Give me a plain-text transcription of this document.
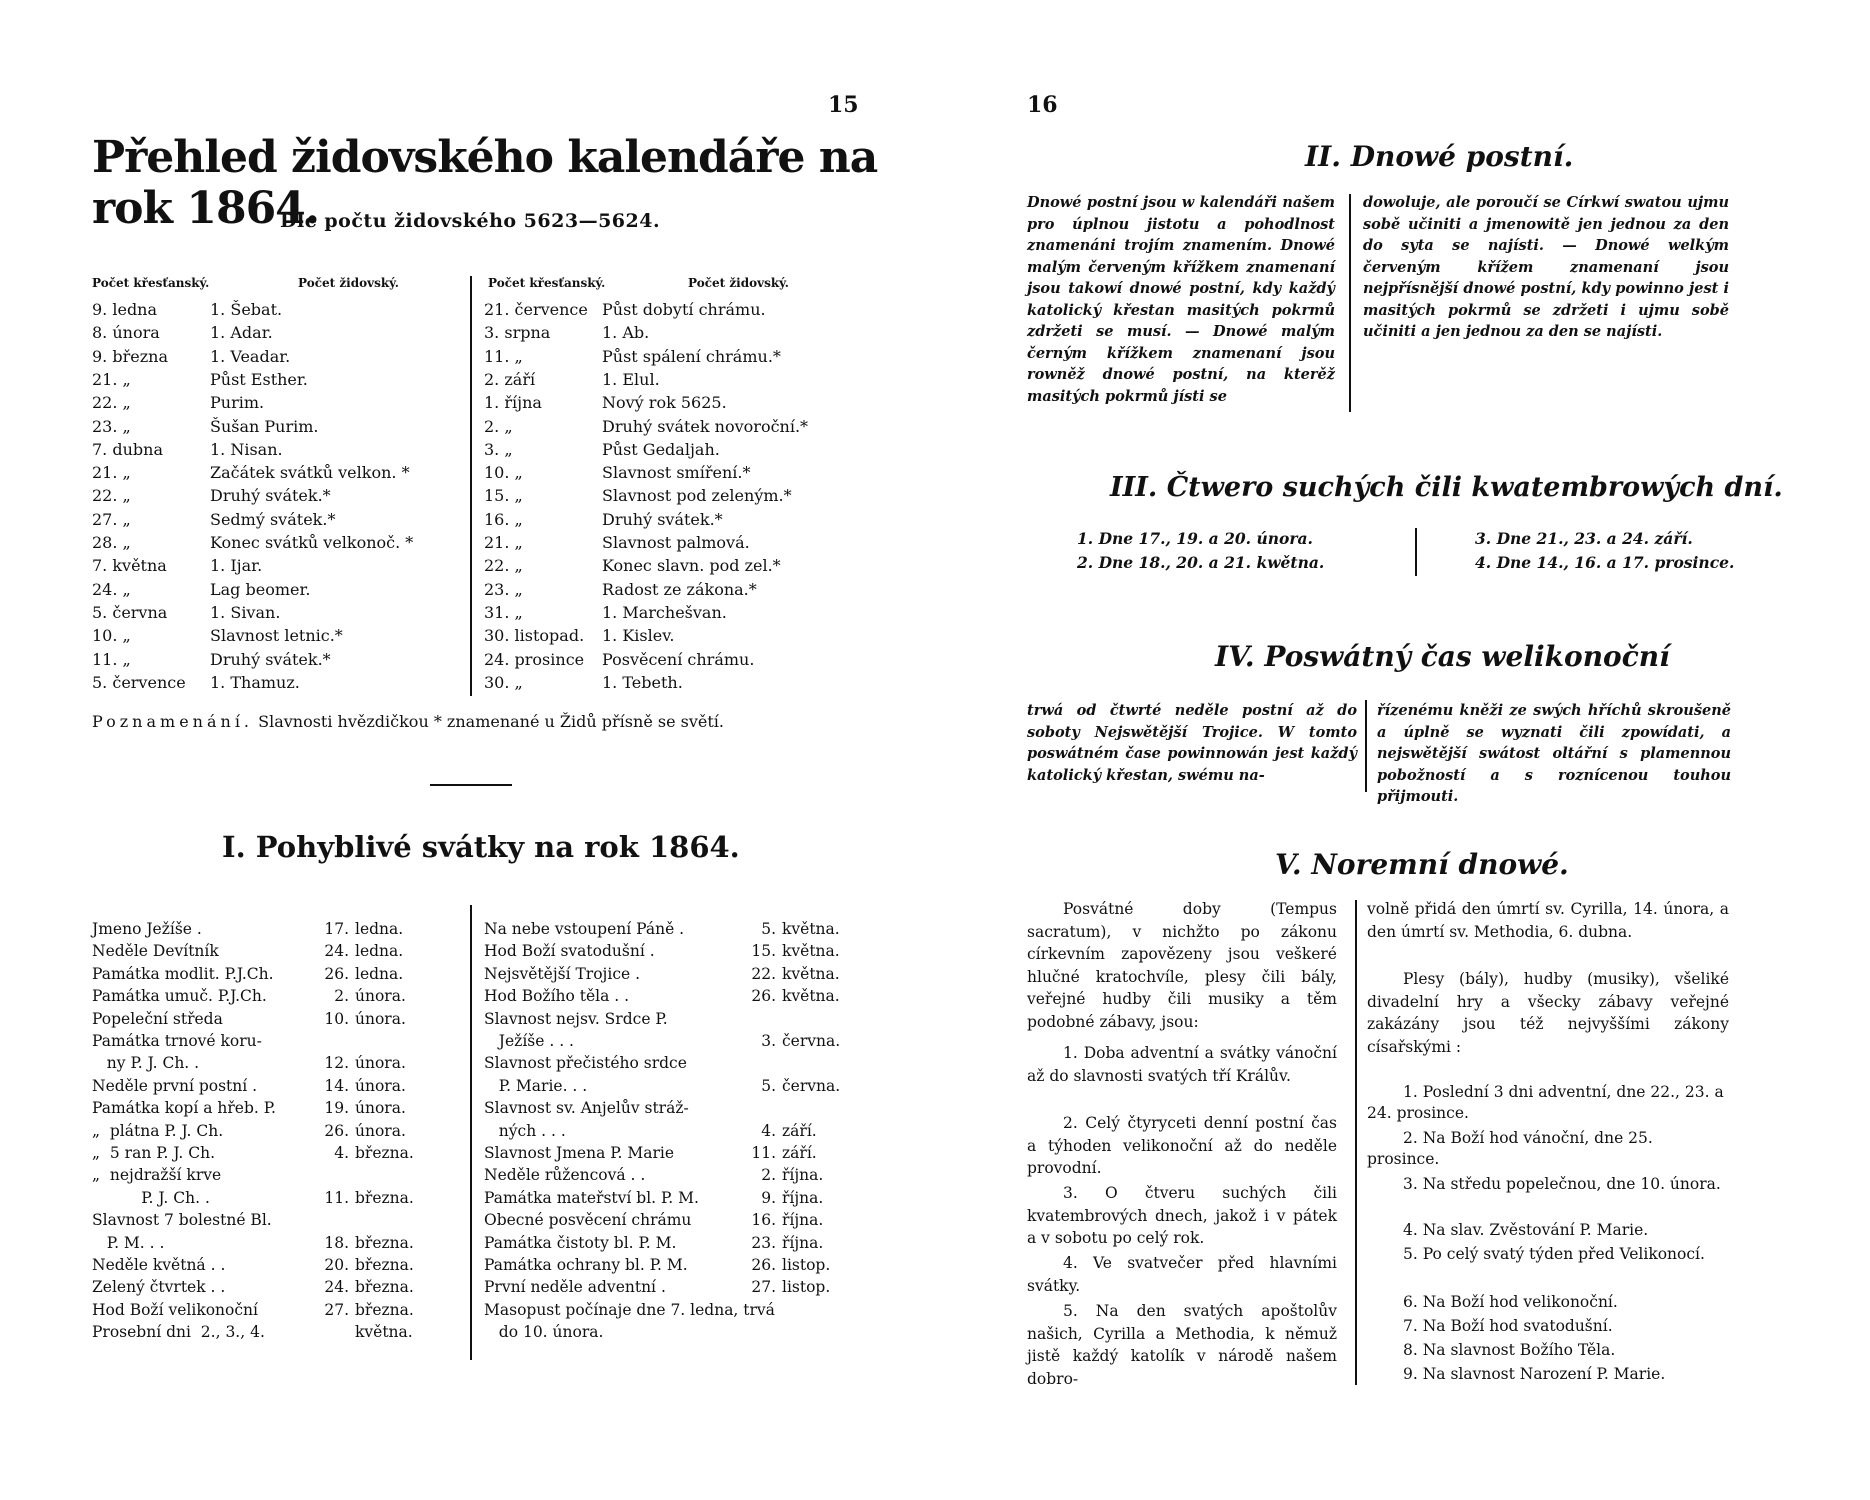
15
Přehled židovského kalendáře na rok 1864.
Dle počtu židovského 5623—5624.
Počet křesťanský.	Počet židovský.	Počet křesťanský.	Počet židovský.
9. ledna	1. Šebat.
8. února	1. Adar.
9. března	1. Veadar.
21. „	Půst Esther.
22. „	Purim.
23. „	Šušan Purim.
7. dubna	1. Nisan.
21. „	Začátek svátků velkon. *
22. „	Druhý svátek.*
27. „	Sedmý svátek.*
28. „	Konec svátků velkonoč. *
7. května	1. Ijar.
24. „	Lag beomer.
5. června	1. Sivan.
10. „	Slavnost letnic.*
11. „	Druhý svátek.*
5. července 1. Thamuz.
21. července Půst dobytí chrámu.
3. srpna	1. Ab.
11. „	Půst spálení chrámu.*
2. září	1. Elul.
1. října	Nový rok 5625.
2. „	Druhý svátek novoroční.*
3. „	Půst Gedaljah.
10. „	Slavnost smíření.*
15. „	Slavnost pod zeleným.*
16. „	Druhý svátek.*
21. „	Slavnost palmová.
22. „	Konec slavn. pod zel.*
23. „	Radost ze zákona.*
31. „	1. Marchešvan.
30. listopad. 1. Kislev.
24. prosince Posvěcení chrámu.
30. „	1. Tebeth.
Poznamenání. Slavnosti hvězdičkou * znamenané u Židů přísně se světí.
I. Pohyblivé svátky na rok 1864.
Jmeno Ježíše .	17. ledna.
Neděle Devítník	24. ledna.
Památka modlit. P.J.Ch.	26. ledna.
Památka umuč. P.J.Ch.	2. února.
Popeleční středa	10. února.
Památka trnové koru-
ny P. J. Ch. .	12. února.
Neděle první postní .	14. února.
Památka kopí a hřeb. P.	19. února.
„  plátna P. J. Ch.	26. února.
„  5 ran P. J. Ch.	4. března.
„  nejdražší krve
P. J. Ch. .	11. března.
Slavnost 7 bolestné Bl.
P. M. . .	18. března.
Neděle květná . .	20. března.
Zelený čtvrtek . .	24. března.
Hod Boží velikonoční	27. března.
Prosební dni  2., 3., 4.	května.
Na nebe vstoupení Páně .	5. května.
Hod Boží svatodušní .	15. května.
Nejsvětější Trojice .	22. května.
Hod Božího těla . .	26. května.
Slavnost nejsv. Srdce P.
Ježíše . . .	3. června.
Slavnost přečistého srdce
P. Marie. . .	5. června.
Slavnost sv. Anjelův stráž-
ných . . .	4. září.
Slavnost Jmena P. Marie	11. září.
Neděle růžencová . .	2. října.
Památka mateřství bl. P. M.	9. října.
Obecné posvěcení chrámu	16. října.
Památka čistoty bl. P. M.	23. října.
Památka ochrany bl. P. M.	26. listop.
První neděle adventní .	27. listop.
Masopust počínaje dne 7. ledna, trvá
do 10. února.
16
II. Dnowé postní.
Dnowé postní jsou w kalendáři našem pro úplnou jistotu a pohodlnost znamenáni trojím znamením. Dnowé malým červeným křížkem znamenaní jsou takowí dnowé postní, kdy každý katolický křestan masitých pokrmů zdržeti se musí. — Dnowé malým černým křížkem znamenaní jsou rowněž dnowé postní, na kterěž masitých pokrmů jísti se
dowoluje, ale poroučí se Církwí swatou ujmu sobě učiniti a jmenowitě jen jednou za den do syta se najísti. — Dnowé welkým červeným křížem znamenaní jsou nejpřísnější dnowé postní, kdy powinno jest i masitých pokrmů se zdržeti i ujmu sobě učiniti a jen jednou za den se najísti.
III. Čtwero suchých čili kwatembrowých dní.
1. Dne 17., 19. a 20. února.
2. Dne 18., 20. a 21. kwětna.
3. Dne 21., 23. a 24. září.
4. Dne 14., 16. a 17. prosince.
IV. Poswátný čas welikonoční
trwá od čtwrté neděle postní až do soboty Nejswětější Trojice. W tomto poswátném čase powinnowán jest každý katolický křestan, swému na-
řízenému kněži ze swých hříchů skroušeně a úplně se wyznati čili zpowídati, a nejswětější swátost oltářní s plamennou pobožností a s roznícenou touhou přijmouti.
V. Noremní dnowé.
Posvátné doby (Tempus sacratum), v nichžto po zákonu církevním zapovězeny jsou veškeré hlučné kratochvíle, plesy čili bály, veřejné hudby čili musiky a těm podobné zábavy, jsou:
1. Doba adventní a svátky vánoční až do slavnosti svatých tří Králův.
2. Celý čtyryceti denní postní čas a týhoden velikonoční až do neděle provodní.
3. O čtveru suchých čili kvatembrových dnech, jakož i v pátek a v sobotu po celý rok.
4. Ve svatvečer před hlavními svátky.
5. Na den svatých apoštolův našich, Cyrilla a Methodia, k němuž jistě každý katolík v národě našem dobro-
volně přidá den úmrtí sv. Cyrilla, 14. února, a den úmrtí sv. Methodia, 6. dubna.
Plesy (bály), hudby (musiky), všeliké divadelní hry a všecky zábavy veřejné zakázány jsou též nejvyššími zákony císařskými :
1. Poslední 3 dni adventní, dne 22., 23. a 24. prosince.
2. Na Boží hod vánoční, dne 25. prosince.
3. Na středu popelečnou, dne 10. února.
4. Na slav. Zvěstování P. Marie.
5. Po celý svatý týden před Velikonocí.
6. Na Boží hod velikonoční.
7. Na Boží hod svatodušní.
8. Na slavnost Božího Těla.
9. Na slavnost Narození P. Marie.
